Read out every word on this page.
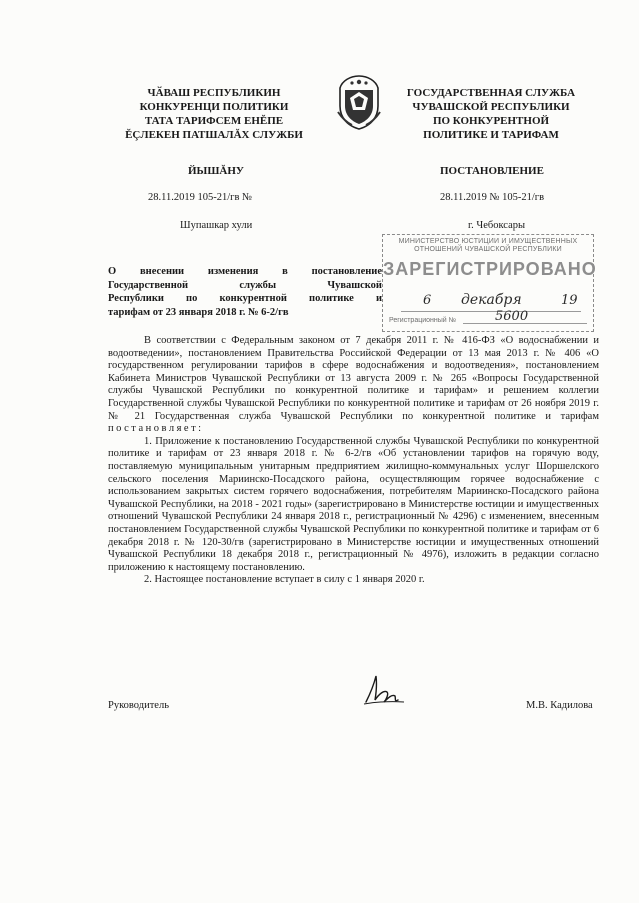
ЧӐВАШ РЕСПУБЛИКИН
КОНКУРЕНЦИ ПОЛИТИКИ
ТАТА ТАРИФСЕМ ЕНĔПЕ
ĔÇЛЕКЕН ПАТШАЛĂХ СЛУЖБИ
ГОСУДАРСТВЕННАЯ СЛУЖБА
ЧУВАШСКОЙ РЕСПУБЛИКИ
ПО КОНКУРЕНТНОЙ
ПОЛИТИКЕ И ТАРИФАМ
ЙЫШĂНУ	ПОСТАНОВЛЕНИЕ
28.11.2019 105-21/гв №	28.11.2019 № 105-21/гв
Шупашкар хули	г. Чебоксары
МИНИСТЕРСТВО ЮСТИЦИИ И ИМУЩЕСТВЕННЫХ ОТНОШЕНИЙ ЧУВАШСКОЙ РЕСПУБЛИКИ
ЗАРЕГИСТРИРОВАНО
6 декабря	19
Регистрационный №	5600
О внесении изменения в постановление
Государственной службы Чувашской
Республики по конкурентной политике и
тарифам от 23 января 2018 г. № 6-2/гв

В соответствии с Федеральным законом от 7 декабря 2011 г. № 416-ФЗ «О водоснабжении и водоотведении», постановлением Правительства Российской Федерации от 13 мая 2013 г. № 406 «О государственном регулировании тарифов в сфере водоснабжения и водоотведения», постановлением Кабинета Министров Чувашской Республики от 13 августа 2009 г. № 265 «Вопросы Государственной службы Чувашской Республики по конкурентной политике и тарифам» и решением коллегии Государственной службы Чувашской Республики по конкурентной политике и тарифам от 26 ноября 2019 г. № 21 Государственная служба Чувашской Республики по конкурентной политике и тарифам постановляет:

1. Приложение к постановлению Государственной службы Чувашской Республики по конкурентной политике и тарифам от 23 января 2018 г. № 6-2/гв «Об установлении тарифов на горячую воду, поставляемую муниципальным унитарным предприятием жилищно-коммунальных услуг Шоршелского сельского поселения Мариинско-Посадского района, осуществляющим горячее водоснабжение с использованием закрытых систем горячего водоснабжения, потребителям Мариинско-Посадского района Чувашской Республики, на 2018 - 2021 годы» (зарегистрировано в Министерстве юстиции и имущественных отношений Чувашской Республики 24 января 2018 г., регистрационный № 4296) с изменением, внесенным постановлением Государственной службы Чувашской Республики по конкурентной политике и тарифам от 6 декабря 2018 г. № 120-30/гв (зарегистрировано в Министерстве юстиции и имущественных отношений Чувашской Республики 18 декабря 2018 г., регистрационный № 4976), изложить в редакции согласно приложению к настоящему постановлению.

2. Настоящее постановление вступает в силу с 1 января 2020 г.

Руководитель	М.В. Кадилова
